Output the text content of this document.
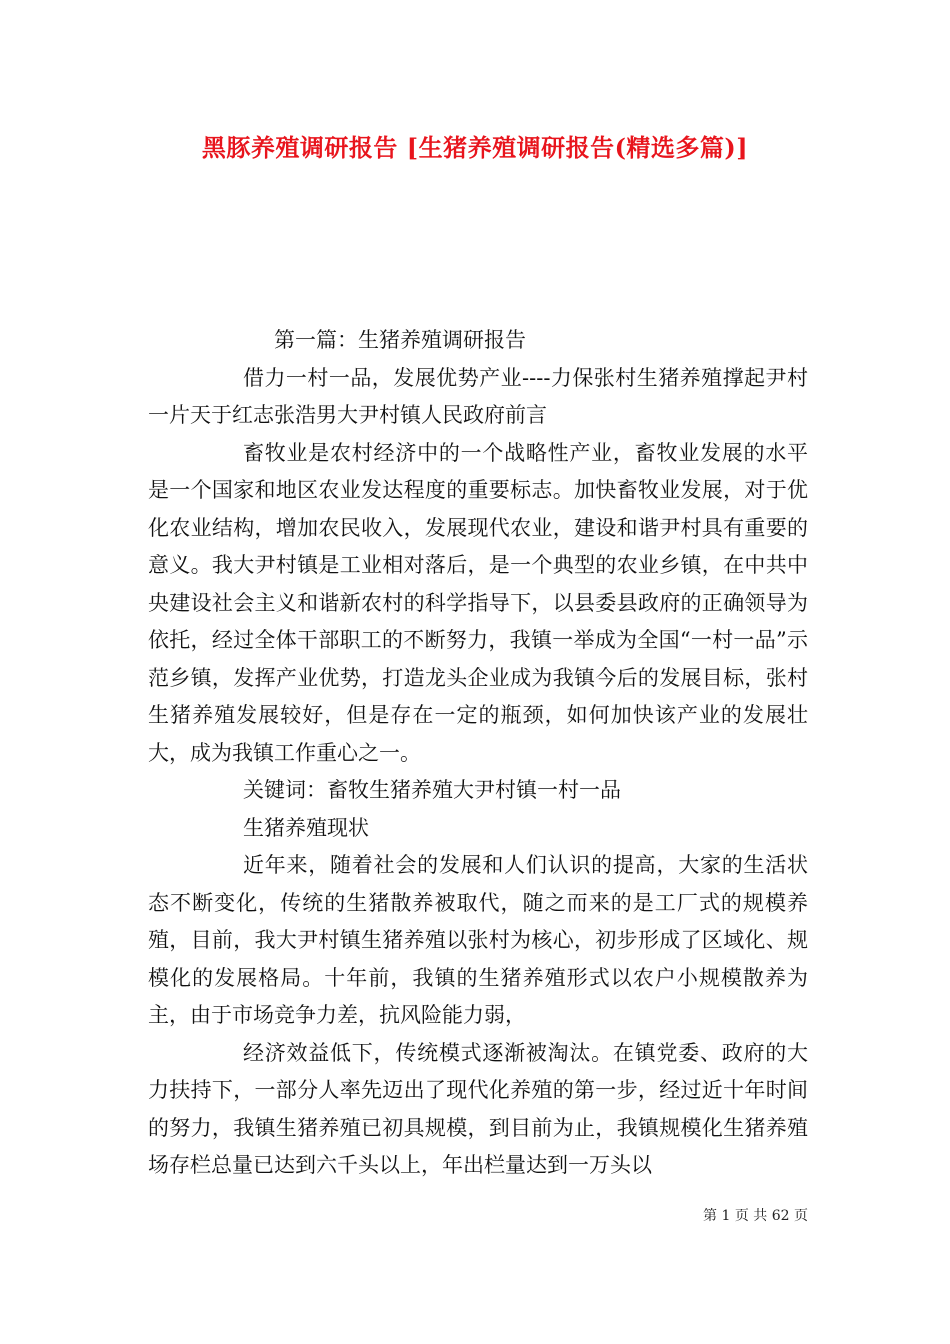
黑豚养殖调研报告 [生猪养殖调研报告(精选多篇)]

第一篇：生猪养殖调研报告

借力一村一品，发展优势产业----力保张村生猪养殖撑起尹村一片天于红志张浩男大尹村镇人民政府前言

畜牧业是农村经济中的一个战略性产业，畜牧业发展的水平是一个国家和地区农业发达程度的重要标志。加快畜牧业发展，对于优化农业结构，增加农民收入，发展现代农业，建设和谐尹村具有重要的意义。我大尹村镇是工业相对落后，是一个典型的农业乡镇，在中共中央建设社会主义和谐新农村的科学指导下，以县委县政府的正确领导为依托，经过全体干部职工的不断努力，我镇一举成为全国“一村一品”示范乡镇，发挥产业优势，打造龙头企业成为我镇今后的发展目标，张村生猪养殖发展较好，但是存在一定的瓶颈，如何加快该产业的发展壮大，成为我镇工作重心之一。

关键词：畜牧生猪养殖大尹村镇一村一品

生猪养殖现状

近年来，随着社会的发展和人们认识的提高，大家的生活状态不断变化，传统的生猪散养被取代，随之而来的是工厂式的规模养殖，目前，我大尹村镇生猪养殖以张村为核心，初步形成了区域化、规模化的发展格局。十年前，我镇的生猪养殖形式以农户小规模散养为主，由于市场竞争力差，抗风险能力弱，

经济效益低下，传统模式逐渐被淘汰。在镇党委、政府的大力扶持下，一部分人率先迈出了现代化养殖的第一步，经过近十年时间的努力，我镇生猪养殖已初具规模，到目前为止，我镇规模化生猪养殖场存栏总量已达到六千头以上，年出栏量达到一万头以

第 1 页 共 62 页
